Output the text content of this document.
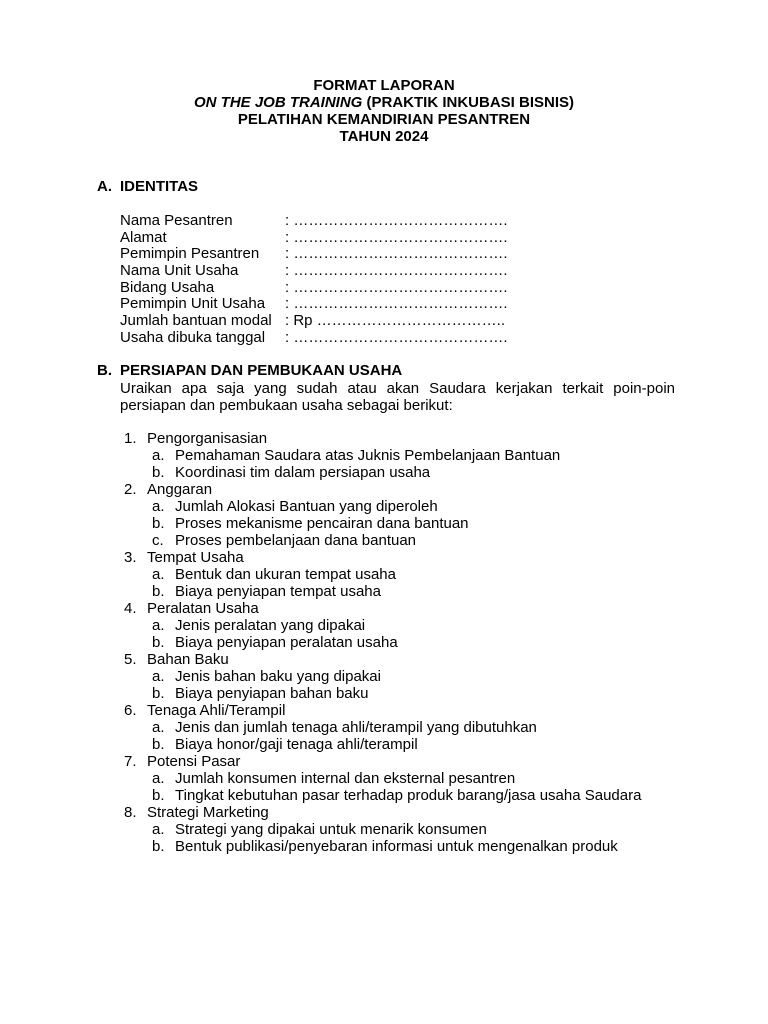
FORMAT LAPORAN
ON THE JOB TRAINING (PRAKTIK INKUBASI BISNIS)
PELATIHAN KEMANDIRIAN PESANTREN
TAHUN 2024
A. IDENTITAS
Nama Pesantren	: …………………………………….
Alamat	: …………………………………….
Pemimpin Pesantren : …………………………………….
Nama Unit Usaha	: …………………………………….
Bidang Usaha	: …………………………………….
Pemimpin Unit Usaha : …………………………………….
Jumlah bantuan modal : Rp ………………………………..
Usaha dibuka tanggal : …………………………………….
B. PERSIAPAN DAN PEMBUKAAN USAHA
Uraikan apa saja yang sudah atau akan Saudara kerjakan terkait poin-poin persiapan dan pembukaan usaha sebagai berikut:
1. Pengorganisasian
a. Pemahaman Saudara atas Juknis Pembelanjaan Bantuan
b. Koordinasi tim dalam persiapan usaha
2. Anggaran
a. Jumlah Alokasi Bantuan yang diperoleh
b. Proses mekanisme pencairan dana bantuan
c. Proses pembelanjaan dana bantuan
3. Tempat Usaha
a. Bentuk dan ukuran tempat usaha
b. Biaya penyiapan tempat usaha
4. Peralatan Usaha
a. Jenis peralatan yang dipakai
b. Biaya penyiapan peralatan usaha
5. Bahan Baku
a. Jenis bahan baku yang dipakai
b. Biaya penyiapan bahan baku
6. Tenaga Ahli/Terampil
a. Jenis dan jumlah tenaga ahli/terampil yang dibutuhkan
b. Biaya honor/gaji tenaga ahli/terampil
7. Potensi Pasar
a. Jumlah konsumen internal dan eksternal pesantren
b. Tingkat kebutuhan pasar terhadap produk barang/jasa usaha Saudara
8. Strategi Marketing
a. Strategi yang dipakai untuk menarik konsumen
b. Bentuk publikasi/penyebaran informasi untuk mengenalkan produk
